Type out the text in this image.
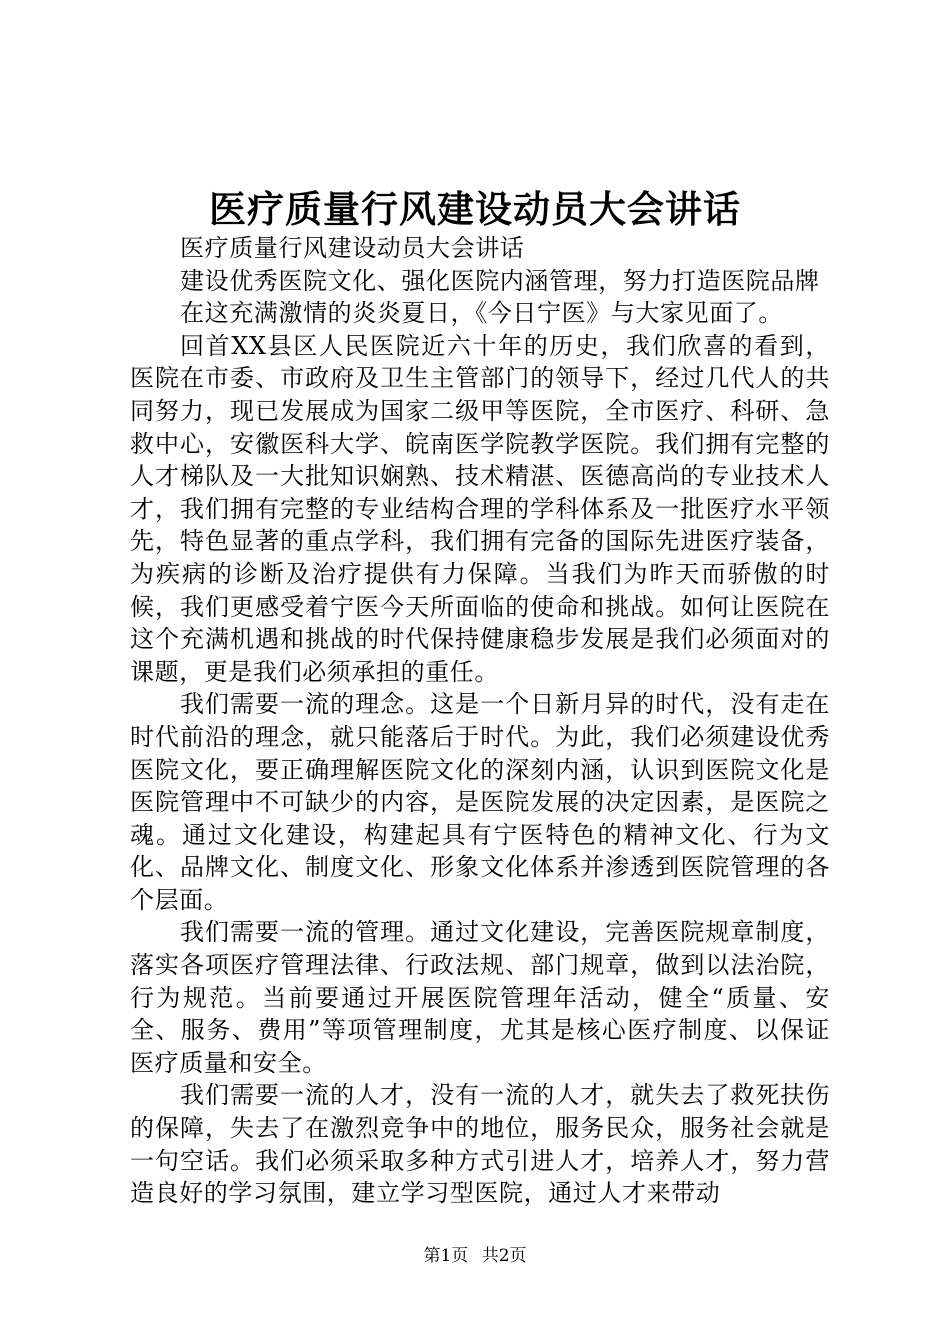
医疗质量行风建设动员大会讲话

医疗质量行风建设动员大会讲话

建设优秀医院文化、强化医院内涵管理，努力打造医院品牌

在这充满激情的炎炎夏日，《今日宁医》与大家见面了。

回首XX县区人民医院近六十年的历史，我们欣喜的看到，医院在市委、市政府及卫生主管部门的领导下，经过几代人的共同努力，现已发展成为国家二级甲等医院，全市医疗、科研、急救中心，安徽医科大学、皖南医学院教学医院。我们拥有完整的人才梯队及一大批知识娴熟、技术精湛、医德高尚的专业技术人才，我们拥有完整的专业结构合理的学科体系及一批医疗水平领先，特色显著的重点学科，我们拥有完备的国际先进医疗装备，为疾病的诊断及治疗提供有力保障。当我们为昨天而骄傲的时候，我们更感受着宁医今天所面临的使命和挑战。如何让医院在这个充满机遇和挑战的时代保持健康稳步发展是我们必须面对的课题，更是我们必须承担的重任。

我们需要一流的理念。这是一个日新月异的时代，没有走在时代前沿的理念，就只能落后于时代。为此，我们必须建设优秀医院文化，要正确理解医院文化的深刻内涵，认识到医院文化是医院管理中不可缺少的内容，是医院发展的决定因素，是医院之魂。通过文化建设，构建起具有宁医特色的精神文化、行为文化、品牌文化、制度文化、形象文化体系并渗透到医院管理的各个层面。

我们需要一流的管理。通过文化建设，完善医院规章制度，落实各项医疗管理法律、行政法规、部门规章，做到以法治院，行为规范。当前要通过开展医院管理年活动，健全“质量、安全、服务、费用”等项管理制度，尤其是核心医疗制度、以保证医疗质量和安全。

我们需要一流的人才，没有一流的人才，就失去了救死扶伤的保障，失去了在激烈竞争中的地位，服务民众，服务社会就是一句空话。我们必须采取多种方式引进人才，培养人才，努力营造良好的学习氛围，建立学习型医院，通过人才来带动

第1页 共2页
